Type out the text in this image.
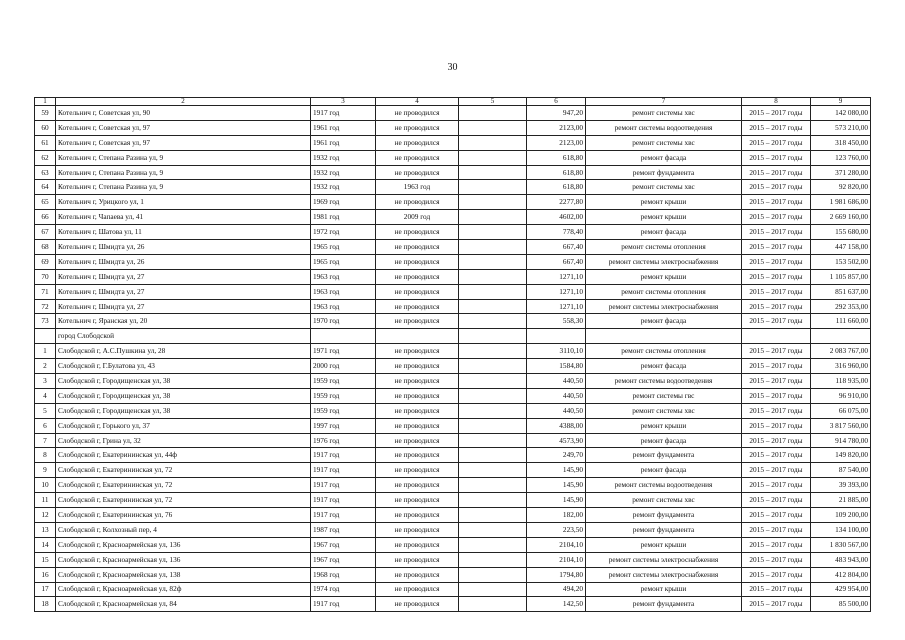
30
1	2	3	4	5	6	7	8	9
59	Котельнич г, Советская ул, 90	1917 год	не проводился		947,20	ремонт системы хвс	2015 – 2017 годы	142 080,00
60	Котельнич г, Советская ул, 97	1961 год	не проводился		2123,00	ремонт системы водоотведения	2015 – 2017 годы	573 210,00
61	Котельнич г, Советская ул, 97	1961 год	не проводился		2123,00	ремонт системы хвс	2015 – 2017 годы	318 450,00
62	Котельнич г, Степана Разина ул, 9	1932 год	не проводился		618,80	ремонт фасада	2015 – 2017 годы	123 760,00
63	Котельнич г, Степана Разина ул, 9	1932 год	не проводился		618,80	ремонт фундамента	2015 – 2017 годы	371 280,00
64	Котельнич г, Степана Разина ул, 9	1932 год	1963 год		618,80	ремонт системы хвс	2015 – 2017 годы	92 820,00
65	Котельнич г, Урицкого ул, 1	1969 год	не проводился		2277,80	ремонт крыши	2015 – 2017 годы	1 981 686,00
66	Котельнич г, Чапаева ул, 41	1981 год	2009 год		4602,00	ремонт крыши	2015 – 2017 годы	2 669 160,00
67	Котельнич г, Шатова ул, 11	1972 год	не проводился		778,40	ремонт фасада	2015 – 2017 годы	155 680,00
68	Котельнич г, Шмидта ул, 26	1965 год	не проводился		667,40	ремонт системы отопления	2015 – 2017 годы	447 158,00
69	Котельнич г, Шмидта ул, 26	1965 год	не проводился		667,40	ремонт системы электроснабжения	2015 – 2017 годы	153 502,00
70	Котельнич г, Шмидта ул, 27	1963 год	не проводился		1271,10	ремонт крыши	2015 – 2017 годы	1 105 857,00
71	Котельнич г, Шмидта ул, 27	1963 год	не проводился		1271,10	ремонт системы отопления	2015 – 2017 годы	851 637,00
72	Котельнич г, Шмидта ул, 27	1963 год	не проводился		1271,10	ремонт системы электроснабжения	2015 – 2017 годы	292 353,00
73	Котельнич г, Яранская ул, 20	1970 год	не проводился		558,30	ремонт фасада	2015 – 2017 годы	111 660,00
	город Слободской							
1	Слободской г, А.С.Пушкина ул, 28	1971 год	не проводился		3110,10	ремонт системы отопления	2015 – 2017 годы	2 083 767,00
2	Слободской г, Г.Булатова ул, 43	2000 год	не проводился		1584,80	ремонт фасада	2015 – 2017 годы	316 960,00
3	Слободской г, Городищенская ул, 38	1959 год	не проводился		440,50	ремонт системы водоотведения	2015 – 2017 годы	118 935,00
4	Слободской г, Городищенская ул, 38	1959 год	не проводился		440,50	ремонт системы гвс	2015 – 2017 годы	96 910,00
5	Слободской г, Городищенская ул, 38	1959 год	не проводился		440,50	ремонт системы хвс	2015 – 2017 годы	66 075,00
6	Слободской г, Горького ул, 37	1997 год	не проводился		4388,00	ремонт крыши	2015 – 2017 годы	3 817 560,00
7	Слободской г, Грина ул, 32	1976 год	не проводился		4573,90	ремонт фасада	2015 – 2017 годы	914 780,00
8	Слободской г, Екатерининская ул, 44ф	1917 год	не проводился		249,70	ремонт фундамента	2015 – 2017 годы	149 820,00
9	Слободской г, Екатерининская ул, 72	1917 год	не проводился		145,90	ремонт фасада	2015 – 2017 годы	87 540,00
10	Слободской г, Екатерининская ул, 72	1917 год	не проводился		145,90	ремонт системы водоотведения	2015 – 2017 годы	39 393,00
11	Слободской г, Екатерининская ул, 72	1917 год	не проводился		145,90	ремонт системы хвс	2015 – 2017 годы	21 885,00
12	Слободской г, Екатерининская ул, 76	1917 год	не проводился		182,00	ремонт фундамента	2015 – 2017 годы	109 200,00
13	Слободской г, Колхозный пер, 4	1987 год	не проводился		223,50	ремонт фундамента	2015 – 2017 годы	134 100,00
14	Слободской г, Красноармейская ул, 136	1967 год	не проводился		2104,10	ремонт крыши	2015 – 2017 годы	1 830 567,00
15	Слободской г, Красноармейская ул, 136	1967 год	не проводился		2104,10	ремонт системы электроснабжения	2015 – 2017 годы	483 943,00
16	Слободской г, Красноармейская ул, 138	1968 год	не проводился		1794,80	ремонт системы электроснабжения	2015 – 2017 годы	412 804,00
17	Слободской г, Красноармейская ул, 82ф	1974 год	не проводился		494,20	ремонт крыши	2015 – 2017 годы	429 954,00
18	Слободской г, Красноармейская ул, 84	1917 год	не проводился		142,50	ремонт фундамента	2015 – 2017 годы	85 500,00
